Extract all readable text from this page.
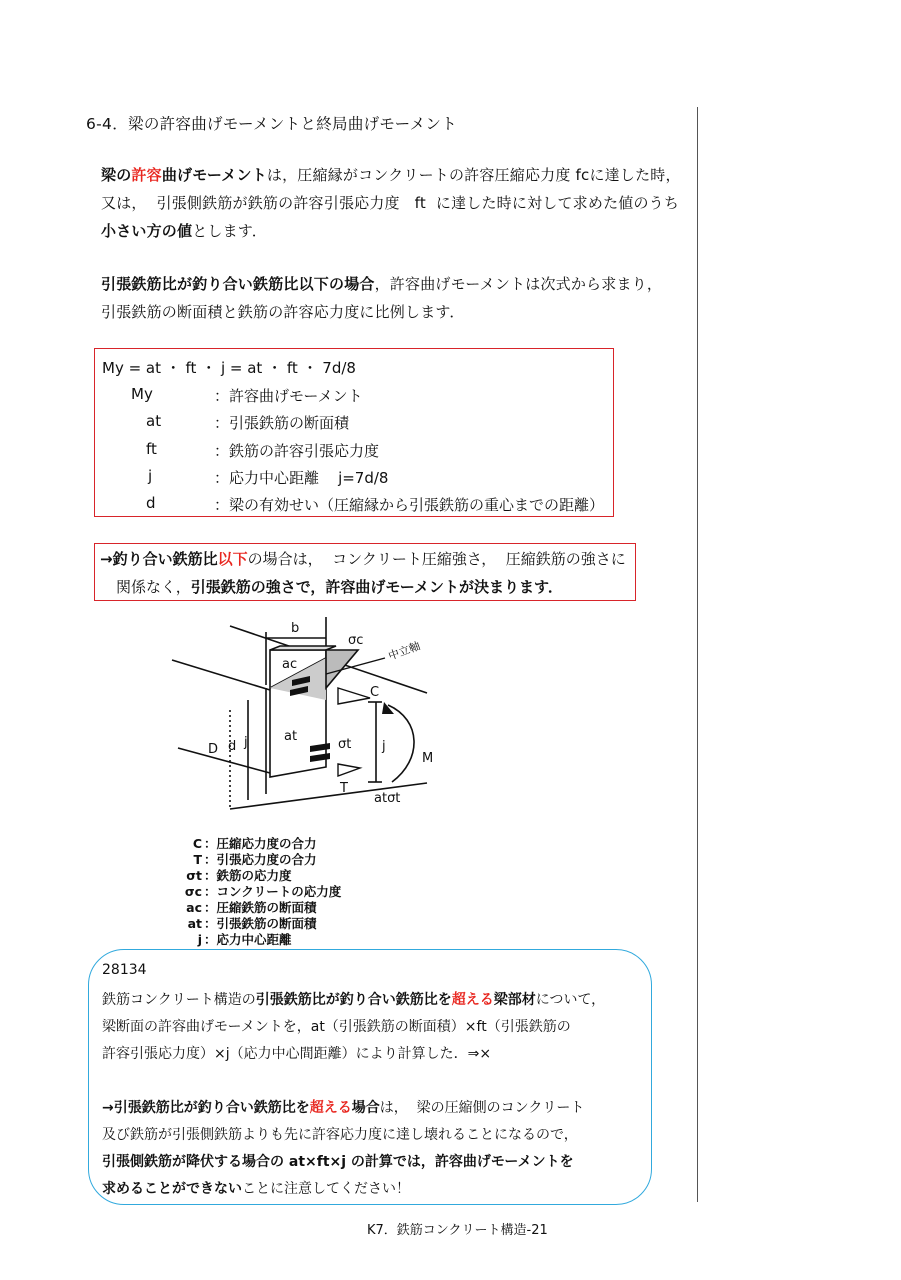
6-4．梁の許容曲げモーメントと終局曲げモーメント
梁の許容曲げモーメントは，圧縮縁がコンクリートの許容圧縮応力度 fcに達した時，
又は，  引張側鉄筋が鉄筋の許容引張応力度   ft  に達した時に対して求めた値のうち
小さい方の値とします．
引張鉄筋比が釣り合い鉄筋比以下の場合，許容曲げモーメントは次式から求まり，
引張鉄筋の断面積と鉄筋の許容応力度に比例します．
My = at ・ ft ・ j = at ・ ft ・ 7d/8
My	：許容曲げモーメント
at	：引張鉄筋の断面積
ft	：鉄筋の許容引張応力度
j	：応力中心距離    j=7d/8
d	：梁の有効せい（圧縮縁から引張鉄筋の重心までの距離）
→釣り合い鉄筋比以下の場合は，  コンクリート圧縮強さ，  圧縮鉄筋の強さに
関係なく，引張鉄筋の強さで，許容曲げモーメントが決まります．
b
σc 中立軸
ac
C
at
σt j
M
D d j
T
atσt
C ：圧縮応力度の合力
T ：引張応力度の合力
σt ：鉄筋の応力度
σc ：コンクリートの応力度
ac ：圧縮鉄筋の断面積
at ：引張鉄筋の断面積
j ：応力中心距離
28134
鉄筋コンクリート構造の引張鉄筋比が釣り合い鉄筋比を超える梁部材について，
梁断面の許容曲げモーメントを，at（引張鉄筋の断面積）×ft（引張鉄筋の
許容引張応力度）×j（応力中心間距離）により計算した．⇒×
→引張鉄筋比が釣り合い鉄筋比を超える場合は，  梁の圧縮側のコンクリート
及び鉄筋が引張側鉄筋よりも先に許容応力度に達し壊れることになるので，
引張側鉄筋が降伏する場合の at×ft×j の計算では，許容曲げモーメントを
求めることができないことに注意してください！
K7．鉄筋コンクリート構造-21
